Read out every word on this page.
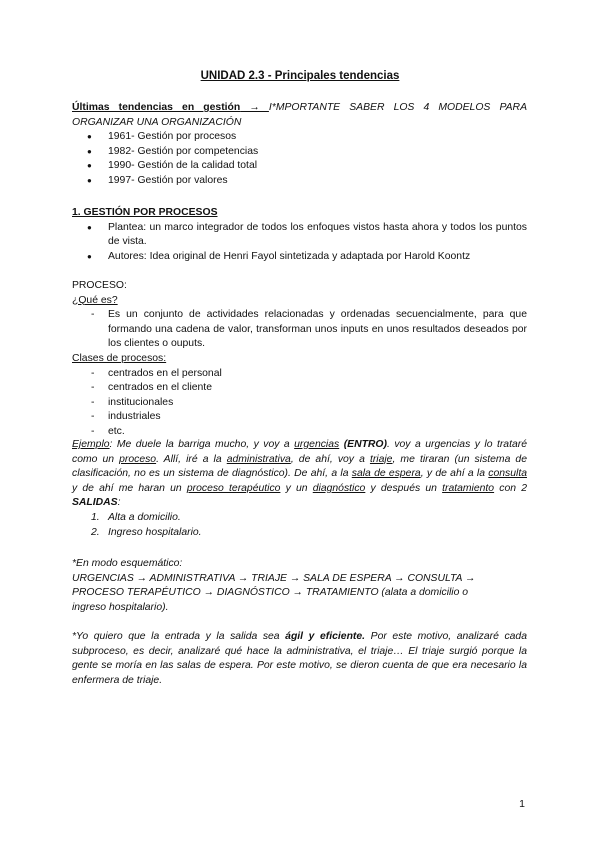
UNIDAD 2.3 - Principales tendencias
Últimas tendencias en gestión → I*MPORTANTE SABER LOS 4 MODELOS PARA ORGANIZAR UNA ORGANIZACIÓN
● 1961- Gestión por procesos
● 1982- Gestión por competencias
● 1990- Gestión de la calidad total
● 1997- Gestión por valores
1. GESTIÓN POR PROCESOS
● Plantea: un marco integrador de todos los enfoques vistos hasta ahora y todos los puntos de vista.
● Autores: Idea original de Henri Fayol sintetizada y adaptada por Harold Koontz
PROCESO:
¿Qué es?
- Es un conjunto de actividades relacionadas y ordenadas secuencialmente, para que formando una cadena de valor, transforman unos inputs en unos resultados deseados por los clientes o ouputs.
Clases de procesos:
- centrados en el personal
- centrados en el cliente
- institucionales
- industriales
- etc.
Ejemplo: Me duele la barriga mucho, y voy a urgencias (ENTRO). voy a urgencias y lo trataré como un proceso. Allí, iré a la administrativa, de ahí, voy a triaje, me tiraran (un sistema de clasificación, no es un sistema de diagnóstico). De ahí, a la sala de espera, y de ahí a la consulta y de ahí me haran un proceso terapéutico y un diagnóstico y después un tratamiento con 2 SALIDAS:
1. Alta a domicilio.
2. Ingreso hospitalario.
*En modo esquemático:
URGENCIAS → ADMINISTRATIVA → TRIAJE → SALA DE ESPERA → CONSULTA →
PROCESO TERAPÉUTICO → DIAGNÓSTICO → TRATAMIENTO (alata a domicilio o
ingreso hospitalario).
*Yo quiero que la entrada y la salida sea ágil y eficiente. Por este motivo, analizaré cada subproceso, es decir, analizaré qué hace la administrativa, el triaje… El triaje surgió porque la gente se moría en las salas de espera. Por este motivo, se dieron cuenta de que era necesario la enfermera de triaje.
1
